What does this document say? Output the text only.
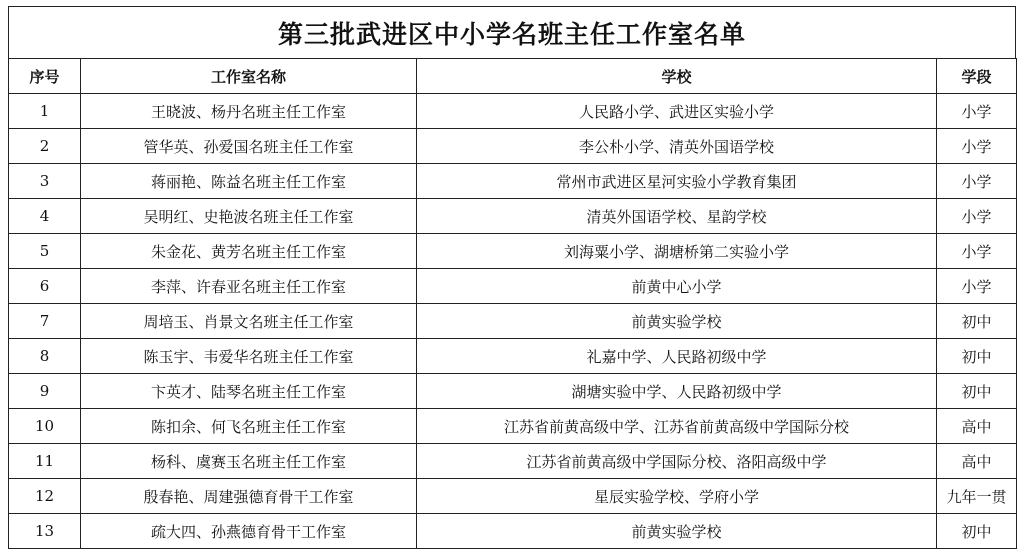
第三批武进区中小学名班主任工作室名单
序号	工作室名称	学校	学段
1	王晓波、杨丹名班主任工作室	人民路小学、武进区实验小学	小学
2	管华英、孙爱国名班主任工作室	李公朴小学、清英外国语学校	小学
3	蒋丽艳、陈益名班主任工作室	常州市武进区星河实验小学教育集团	小学
4	吴明红、史艳波名班主任工作室	清英外国语学校、星韵学校	小学
5	朱金花、黄芳名班主任工作室	刘海粟小学、湖塘桥第二实验小学	小学
6	李萍、许春亚名班主任工作室	前黄中心小学	小学
7	周培玉、肖景文名班主任工作室	前黄实验学校	初中
8	陈玉宇、韦爱华名班主任工作室	礼嘉中学、人民路初级中学	初中
9	卞英才、陆琴名班主任工作室	湖塘实验中学、人民路初级中学	初中
10	陈扣余、何飞名班主任工作室	江苏省前黄高级中学、江苏省前黄高级中学国际分校	高中
11	杨科、虞赛玉名班主任工作室	江苏省前黄高级中学国际分校、洛阳高级中学	高中
12	殷春艳、周建强德育骨干工作室	星辰实验学校、学府小学	九年一贯
13	疏大四、孙燕德育骨干工作室	前黄实验学校	初中
